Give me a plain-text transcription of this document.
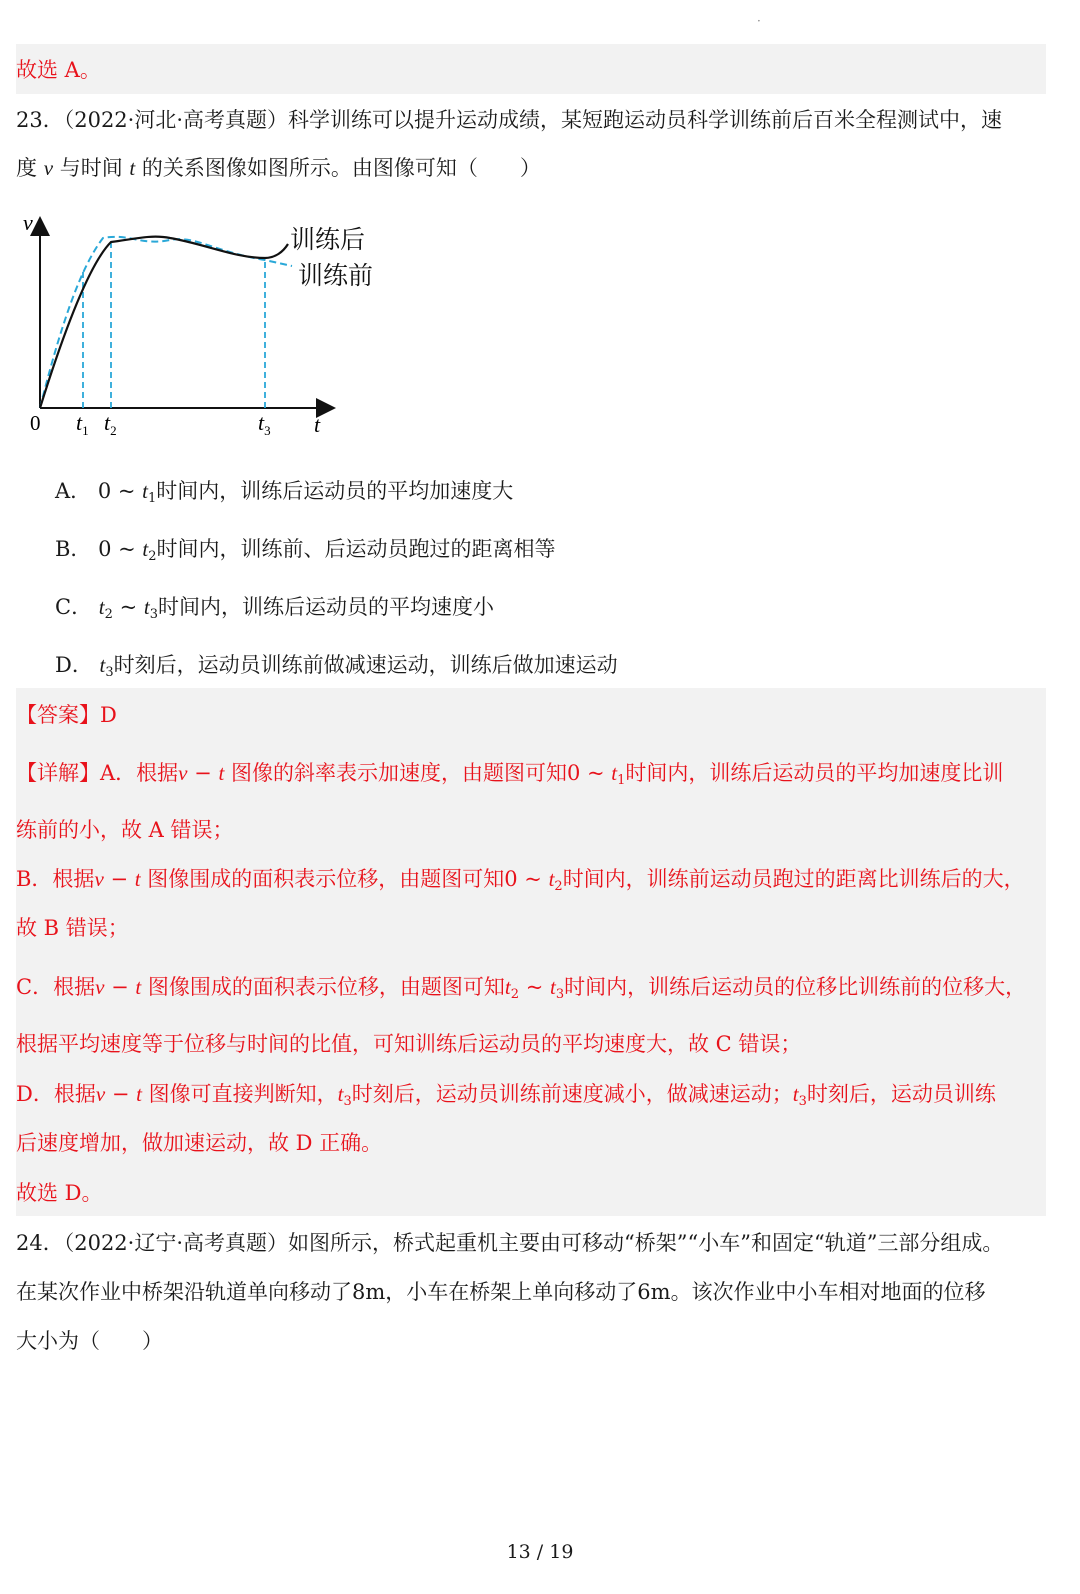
·
故选 A。
23．（2022·河北·高考真题）科学训练可以提升运动成绩，某短跑运动员科学训练前后百米全程测试中，速
度 v 与时间 t 的关系图像如图所示。由图像可知（　　）
v
t
0 $t_1$ $t_2$	$t_3$
训练后
训练前
A． 0 ~ $t_1$时间内，训练后运动员的平均加速度大
B． 0 ~ $t_2$时间内，训练前、后运动员跑过的距离相等
C． $t_2$ ~ $t_3$时间内，训练后运动员的平均速度小
D． $t_3$时刻后，运动员训练前做减速运动，训练后做加速运动
【答案】D
【详解】A．根据v − t 图像的斜率表示加速度，由题图可知0 ~ $t_1$时间内，训练后运动员的平均加速度比训
练前的小，故 A 错误；
B．根据v − t 图像围成的面积表示位移，由题图可知0 ~ $t_2$时间内，训练前运动员跑过的距离比训练后的大，
故 B 错误；
C．根据v − t 图像围成的面积表示位移，由题图可知$t_2$ ~ $t_3$时间内，训练后运动员的位移比训练前的位移大，
根据平均速度等于位移与时间的比值，可知训练后运动员的平均速度大，故 C 错误；
D．根据v − t 图像可直接判断知，$t_3$时刻后，运动员训练前速度减小，做减速运动；$t_3$时刻后，运动员训练
后速度增加，做加速运动，故 D 正确。
故选 D。
24．（2022·辽宁·高考真题）如图所示，桥式起重机主要由可移动“桥架”“小车”和固定“轨道”三部分组成。
在某次作业中桥架沿轨道单向移动了8m，小车在桥架上单向移动了6m。该次作业中小车相对地面的位移
大小为（　　）
13 / 19
